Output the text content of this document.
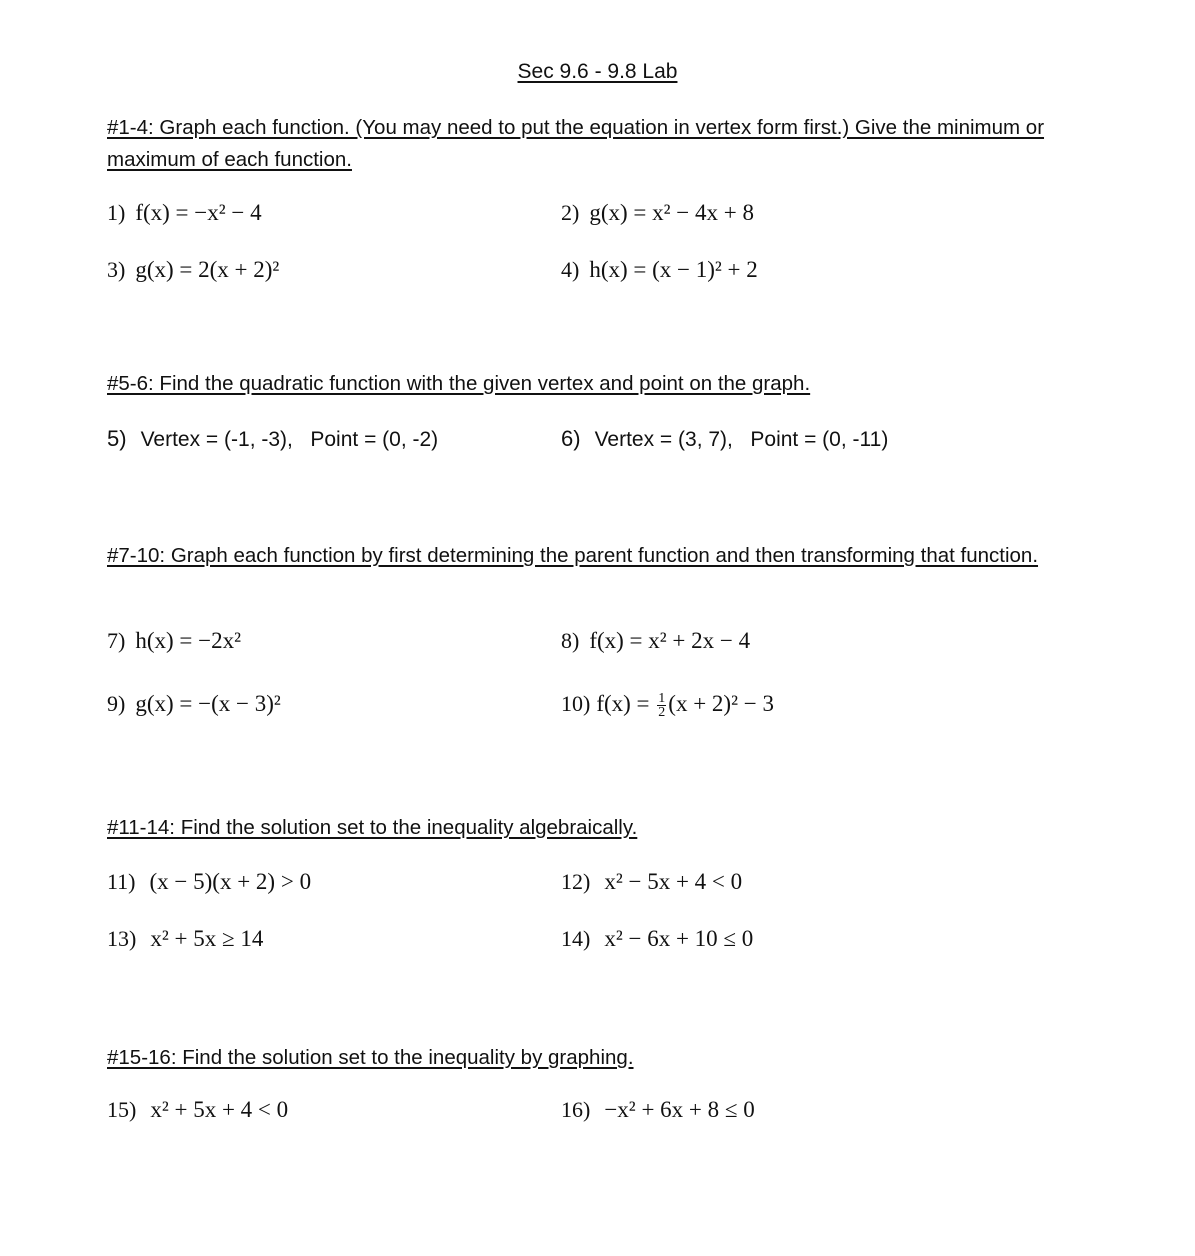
Sec 9.6 - 9.8 Lab

#1-4: Graph each function. (You may need to put the equation in vertex form first.) Give the minimum or maximum of each function.

1) f(x) = −x² − 4	2) g(x) = x² − 4x + 8
3) g(x) = 2(x + 2)²	4) h(x) = (x − 1)² + 2

#5-6: Find the quadratic function with the given vertex and point on the graph.

5) Vertex = (-1, -3),   Point = (0, -2)	6) Vertex = (3, 7),   Point = (0, -11)

#7-10: Graph each function by first determining the parent function and then transforming that function.

7) h(x) = −2x²	8) f(x) = x² + 2x − 4
9) g(x) = −(x − 3)²	10) $f(x) = \frac{1}{2} (x + 2)^2 - 3$

#11-14: Find the solution set to the inequality algebraically.

11) (x − 5)(x + 2) > 0	12) x² − 5x + 4 < 0
13) x² + 5x ≥ 14	14) x² − 6x + 10 ≤ 0

#15-16: Find the solution set to the inequality by graphing.

15) x² + 5x + 4 < 0	16) −x² + 6x + 8 ≤ 0
